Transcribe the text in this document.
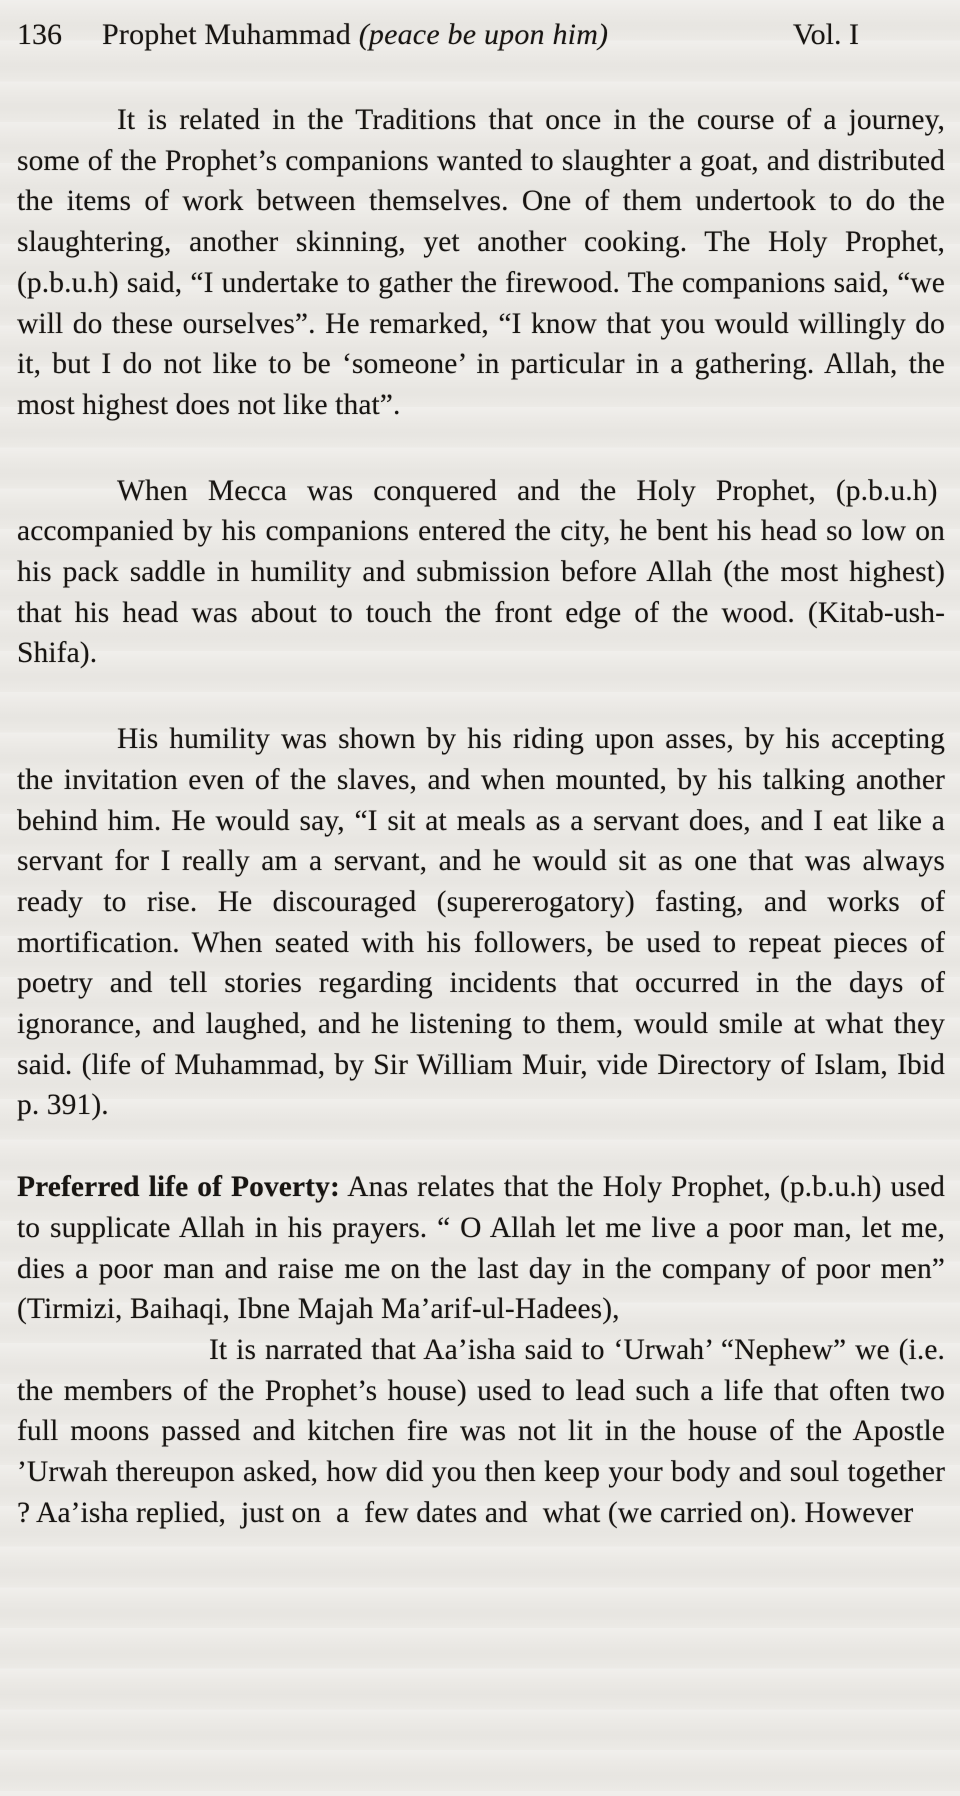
136 Prophet Muhammad (peace be upon him)	Vol. I

It is related in the Traditions that once in the course of a journey, some of the Prophet’s companions wanted to slaughter a goat, and distributed the items of work between themselves. One of them undertook to do the slaughtering, another skinning, yet another cooking. The Holy Prophet, (p.b.u.h) said, “I undertake to gather the firewood. The companions said, “we will do these ourselves”. He remarked, “I know that you would willingly do it, but I do not like to be ‘someone’ in particular in a gathering. Allah, the most highest does not like that”.

When Mecca was conquered and the Holy Prophet, (p.b.u.h)  accompanied by his companions entered the city, he bent his head so low on his pack saddle in humility and submission before Allah (the most highest) that his head was about to touch the front edge of the wood. (Kitab-ush-Shifa).

His humility was shown by his riding upon asses, by his accepting the invitation even of the slaves, and when mounted, by his talking another behind him. He would say, “I sit at meals as a servant does, and I eat like a servant for I really am a servant, and he would sit as one that was always ready to rise. He discouraged (supererogatory) fasting, and works of mortification. When seated with his followers, be used to repeat pieces of poetry and tell stories regarding incidents that occurred in the days of ignorance, and laughed, and he listening to them, would smile at what they said. (life of Muhammad, by Sir William Muir, vide Directory of Islam, Ibid p. 391).

Preferred life of Poverty: Anas relates that the Holy Prophet, (p.b.u.h) used to supplicate Allah in his prayers. “ O Allah let me live a poor man, let me, dies a poor man and raise me on the last day in the company of poor men” (Tirmizi, Baihaqi, Ibne Majah Ma’arif-ul-Hadees),

It is narrated that Aa’isha said to ‘Urwah’ “Nephew” we (i.e. the members of the Prophet’s house) used to lead such a life that often two full moons passed and kitchen fire was not lit in the house of the Apostle ’Urwah thereupon asked, how did you then keep your body and soul together ? Aa’isha replied,  just on  a  few dates and  what (we carried on). However
